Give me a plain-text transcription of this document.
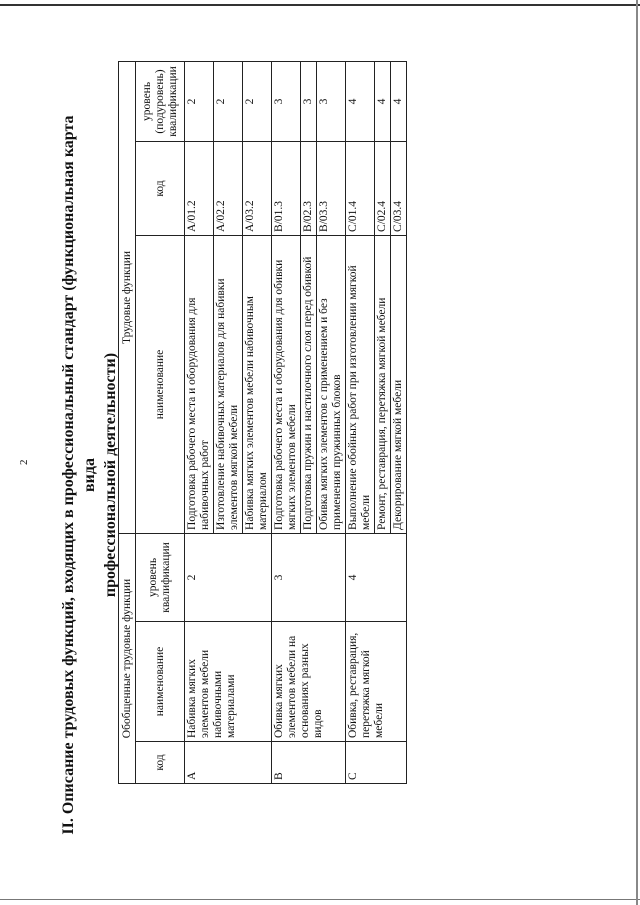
2 II. Описание трудовых функций, входящих в профессиональный стандарт (функциональная карта вида профессиональной деятельности)
Обобщенные трудовые функции			Трудовые функции		
код	наименование	уровень квалификации	наименование	код	уровень (подуровень) квалификации
A	Набивка мягких элементов мебели набивочными материалами	2	Подготовка рабочего места и оборудования для набивочных работ	A/01.2	2
			Изготовление набивочных материалов для набивки элементов мягкой мебели	A/02.2	2
			Набивка мягких элементов мебели набивочным материалом	A/03.2	2
B	Обивка мягких элементов мебели на основаниях разных видов	3	Подготовка рабочего места и оборудования для обивки мягких элементов мебели	B/01.3	3
			Подготовка пружин и настилочного слоя перед обивкой	B/02.3	3
			Обивка мягких элементов с применением и без применения пружинных блоков	B/03.3	3
C	Обивка, реставрация, перетяжка мягкой мебели	4	Выполнение обойных работ при изготовлении мягкой мебели	C/01.4	4
			Ремонт, реставрация, перетяжка мягкой мебели	C/02.4	4
			Декорирование мягкой мебели	C/03.4	4
